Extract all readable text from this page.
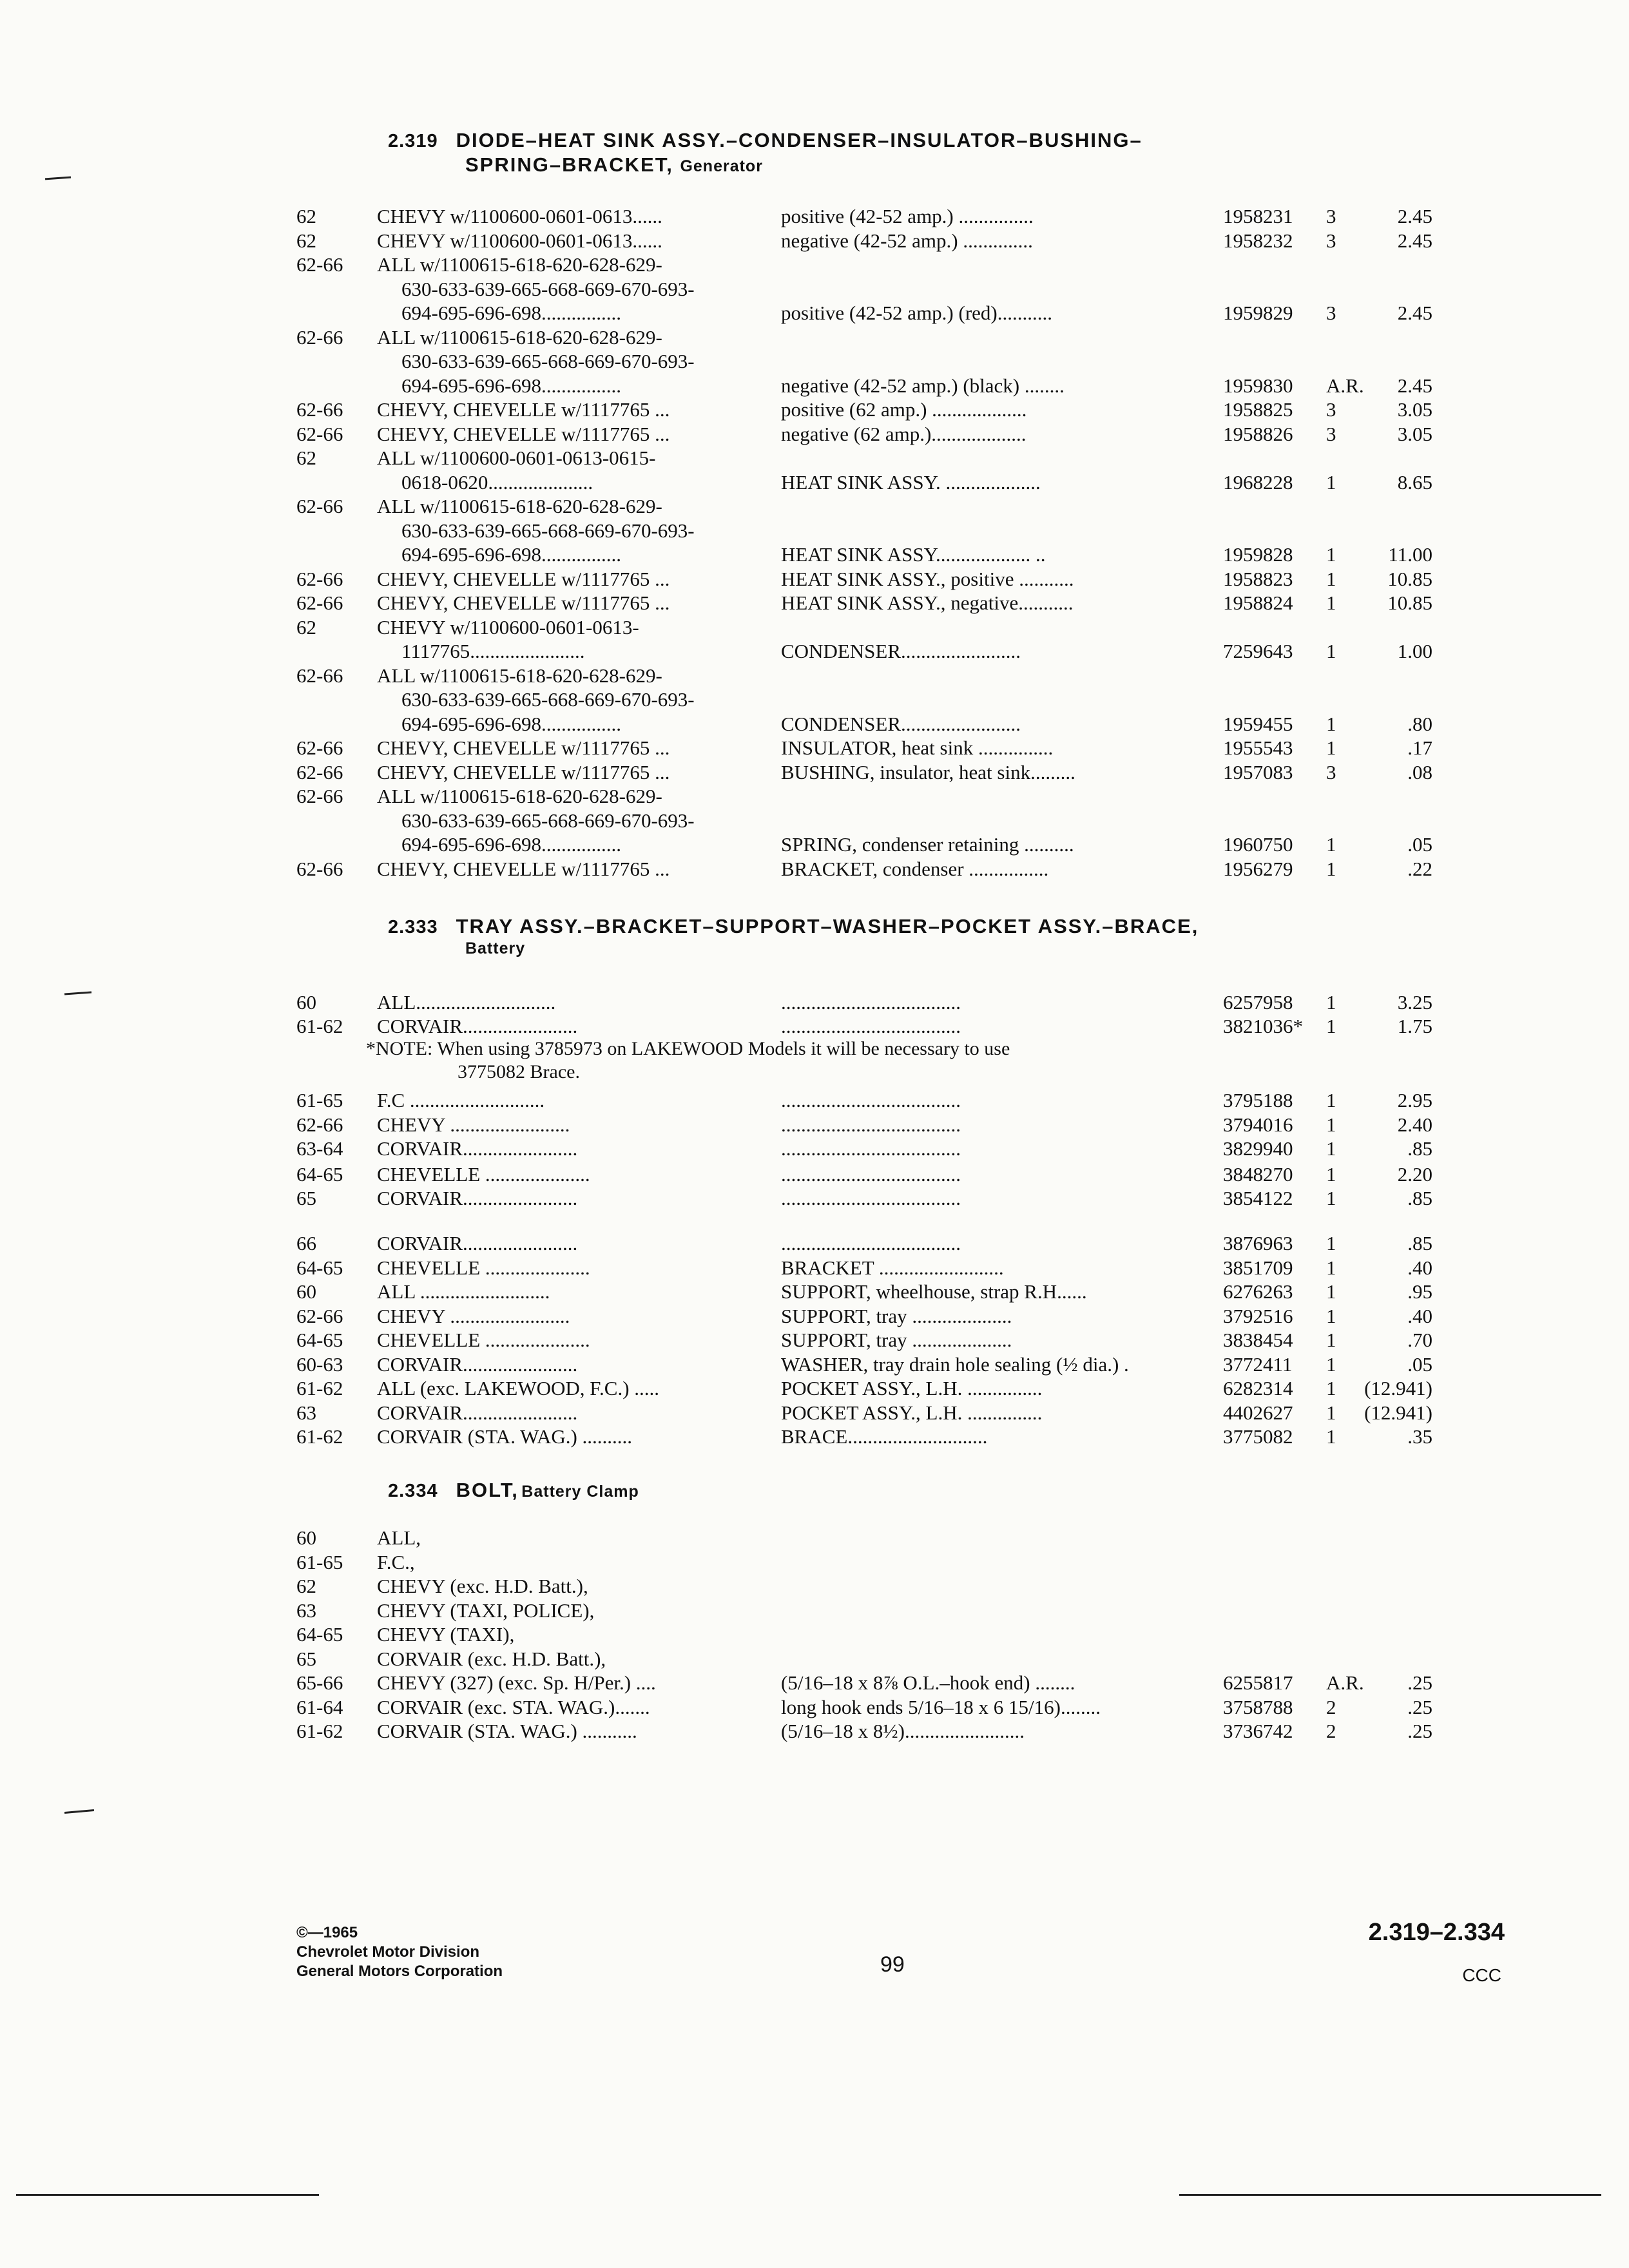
2.319 DIODE–HEAT SINK ASSY.–CONDENSER–INSULATOR–BUSHING–
SPRING–BRACKET, Generator
62	CHEVY w/1100600-0601-0613......	positive (42-52 amp.) ...............	1958231 3	2.45
62	CHEVY w/1100600-0601-0613......	negative (42-52 amp.) ..............	1958232 3	2.45
62-66 ALL w/1100615-618-620-628-629-
630-633-639-665-668-669-670-693-
694-695-696-698................	positive (42-52 amp.) (red)...........	1959829 3	2.45
62-66 ALL w/1100615-618-620-628-629-
630-633-639-665-668-669-670-693-
694-695-696-698................	negative (42-52 amp.) (black) ........	1959830 A.R. 2.45
62-66 CHEVY, CHEVELLE w/1117765 ...	positive (62 amp.) ...................	1958825 3	3.05
62-66 CHEVY, CHEVELLE w/1117765 ...	negative (62 amp.)...................	1958826 3	3.05
62	ALL w/1100600-0601-0613-0615-
0618-0620.....................	HEAT SINK ASSY. ...................	1968228 1	8.65
62-66 ALL w/1100615-618-620-628-629-
630-633-639-665-668-669-670-693-
694-695-696-698................	HEAT SINK ASSY................... ..	1959828 1	11.00
62-66 CHEVY, CHEVELLE w/1117765 ...	HEAT SINK ASSY., positive ...........	1958823 1	10.85
62-66 CHEVY, CHEVELLE w/1117765 ...	HEAT SINK ASSY., negative...........	1958824 1	10.85
62	CHEVY w/1100600-0601-0613-
1117765.......................	CONDENSER........................	7259643 1	1.00
62-66 ALL w/1100615-618-620-628-629-
630-633-639-665-668-669-670-693-
694-695-696-698................	CONDENSER........................	1959455 1	.80
62-66 CHEVY, CHEVELLE w/1117765 ...	INSULATOR, heat sink ...............	1955543 1	.17
62-66 CHEVY, CHEVELLE w/1117765 ...	BUSHING, insulator, heat sink.........	1957083 3	.08
62-66 ALL w/1100615-618-620-628-629-
630-633-639-665-668-669-670-693-
694-695-696-698................	SPRING, condenser retaining ..........	1960750 1	.05
62-66 CHEVY, CHEVELLE w/1117765 ...	BRACKET, condenser ................	1956279 1	.22
2.333 TRAY ASSY.–BRACKET–SUPPORT–WASHER–POCKET ASSY.–BRACE,
Battery
60	ALL............................	....................................	6257958 1	3.25
61-62 CORVAIR.......................	....................................	3821036* 1	1.75
*NOTE: When using 3785973 on LAKEWOOD Models it will be necessary to use
3775082 Brace.
61-65 F.C ...........................	....................................	3795188 1	2.95
62-66 CHEVY ........................	....................................	3794016 1	2.40
63-64 CORVAIR.......................	....................................	3829940 1	.85
64-65 CHEVELLE .....................	....................................	3848270 1	2.20
65	CORVAIR.......................	....................................	3854122 1	.85
66	CORVAIR.......................	....................................	3876963 1	.85
64-65 CHEVELLE .....................	BRACKET .........................	3851709 1	.40
60	ALL ..........................	SUPPORT, wheelhouse, strap R.H......	6276263 1	.95
62-66 CHEVY ........................	SUPPORT, tray ....................	3792516 1	.40
64-65 CHEVELLE .....................	SUPPORT, tray ....................	3838454 1	.70
60-63 CORVAIR.......................	WASHER, tray drain hole sealing (½ dia.) .	3772411 1	.05
61-62 ALL (exc. LAKEWOOD, F.C.) .....	POCKET ASSY., L.H. ...............	6282314 1 (12.941)
63	CORVAIR.......................	POCKET ASSY., L.H. ...............	4402627 1 (12.941)
61-62 CORVAIR (STA. WAG.) ..........	BRACE............................	3775082 1	.35
2.334 BOLT, Battery Clamp
60	ALL,
61-65 F.C.,
62	CHEVY (exc. H.D. Batt.),
63	CHEVY (TAXI, POLICE),
64-65 CHEVY (TAXI),
65	CORVAIR (exc. H.D. Batt.),
65-66 CHEVY (327) (exc. Sp. H/Per.) ....	(5/16–18 x 8⅞ O.L.–hook end) ........	6255817 A.R. .25
61-64 CORVAIR (exc. STA. WAG.).......	long hook ends 5/16–18 x 6 15/16)........	3758788 2	.25
61-62 CORVAIR (STA. WAG.) ...........	(5/16–18 x 8½)........................	3736742 2	.25
©—1965
Chevrolet Motor Division
General Motors Corporation	99
2.319–2.334
CCC
